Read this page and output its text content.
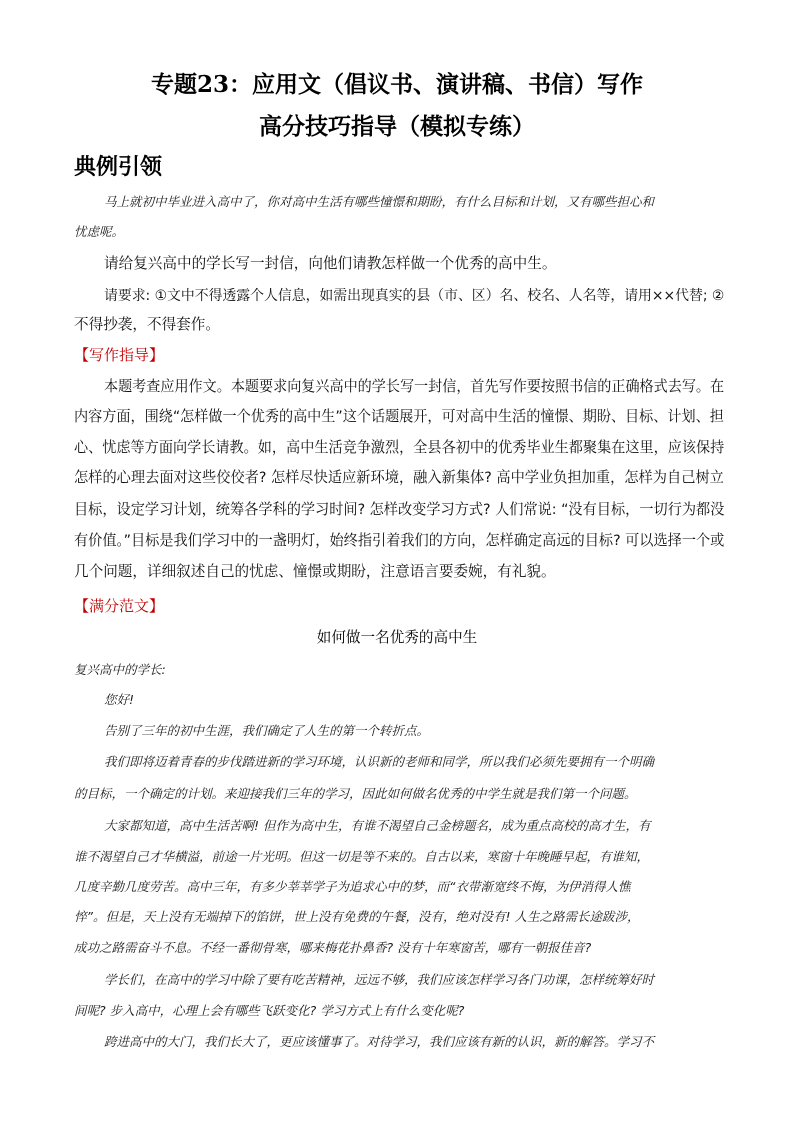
专题23：应用文（倡议书、演讲稿、书信）写作
高分技巧指导（模拟专练）
典例引领
马上就初中毕业进入高中了，你对高中生活有哪些憧憬和期盼，有什么目标和计划，又有哪些担心和
忧虑呢。
请给复兴高中的学长写一封信，向他们请教怎样做一个优秀的高中生。
请要求: ①文中不得透露个人信息，如需出现真实的县（市、区）名、校名、人名等，请用××代替; ②
不得抄袭，不得套作。
【写作指导】
本题考查应用作文。本题要求向复兴高中的学长写一封信，首先写作要按照书信的正确格式去写。在
内容方面，围绕“怎样做一个优秀的高中生”这个话题展开，可对高中生活的憧憬、期盼、目标、计划、担
心、忧虑等方面向学长请教。如，高中生活竞争激烈，全县各初中的优秀毕业生都聚集在这里，应该保持
怎样的心理去面对这些佼佼者? 怎样尽快适应新环境，融入新集体? 高中学业负担加重，怎样为自己树立
目标，设定学习计划，统筹各学科的学习时间? 怎样改变学习方式? 人们常说: “没有目标，一切行为都没
有价值。”目标是我们学习中的一盏明灯，始终指引着我们的方向，怎样确定高远的目标? 可以选择一个或
几个问题，详细叙述自己的忧虑、憧憬或期盼，注意语言要委婉，有礼貌。
【满分范文】
如何做一名优秀的高中生
复兴高中的学长:
您好!
告别了三年的初中生涯，我们确定了人生的第一个转折点。
我们即将迈着青春的步伐踏进新的学习环境，认识新的老师和同学，所以我们必须先要拥有一个明确
的目标，一个确定的计划。来迎接我们三年的学习，因此如何做名优秀的中学生就是我们第一个问题。
大家都知道，高中生活苦啊! 但作为高中生，有谁不渴望自己金榜题名，成为重点高校的高才生，有
谁不渴望自己才华横溢，前途一片光明。但这一切是等不来的。自古以来，寒窗十年晚睡早起，有谁知，
几度辛勤几度劳苦。高中三年，有多少莘莘学子为追求心中的梦，而“衣带渐宽终不悔，为伊消得人憔
悴”。但是，天上没有无端掉下的馅饼，世上没有免费的午餐，没有，绝对没有! 人生之路需长途跋涉，
成功之路需奋斗不息。不经一番彻骨寒，哪来梅花扑鼻香? 没有十年寒窗苦，哪有一朝报佳音?
学长们，在高中的学习中除了要有吃苦精神，远远不够，我们应该怎样学习各门功课，怎样统筹好时
间呢? 步入高中，心理上会有哪些飞跃变化? 学习方式上有什么变化呢?
跨进高中的大门，我们长大了，更应该懂事了。对待学习，我们应该有新的认识，新的解答。学习不
